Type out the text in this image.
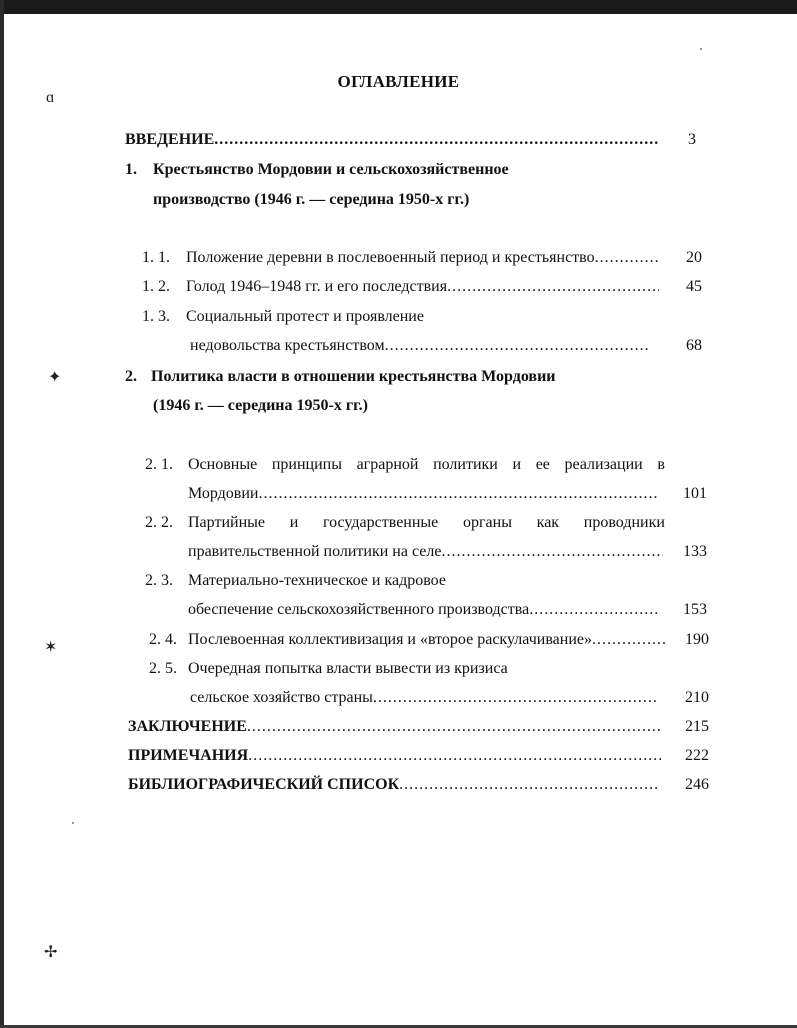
ɑ
✦
✶
✢
ОГЛАВЛЕНИЕ
ВВЕДЕНИЕ .....	3
1. Крестьянство Мордовии и сельскохозяйственное
производство (1946 г. — середина 1950-х гг.)
1. 1. Положение деревни в послевоенный период и крестьянство .....	20
1. 2. Голод 1946–1948 гг. и его последствия .....	45
1. 3. Социальный протест и проявление
недовольства крестьянством .....	68
2. Политика власти в отношении крестьянства Мордовии
(1946 г. — середина 1950-х гг.)
2. 1. Основные принципы аграрной политики и ее реализации в
Мордовии .....	101
2. 2. Партийные и государственные органы как проводники
правительственной политики на селе .....	133
2. 3. Материально-техническое и кадровое
обеспечение сельскохозяйственного производства .....	153
2. 4. Послевоенная коллективизация и «второе раскулачивание» .....	190
2. 5. Очередная попытка власти вывести из кризиса
сельское хозяйство страны .....	210
ЗАКЛЮЧЕНИЕ .....	215
ПРИМЕЧАНИЯ .....	222
БИБЛИОГРАФИЧЕСКИЙ СПИСОК .....	246
